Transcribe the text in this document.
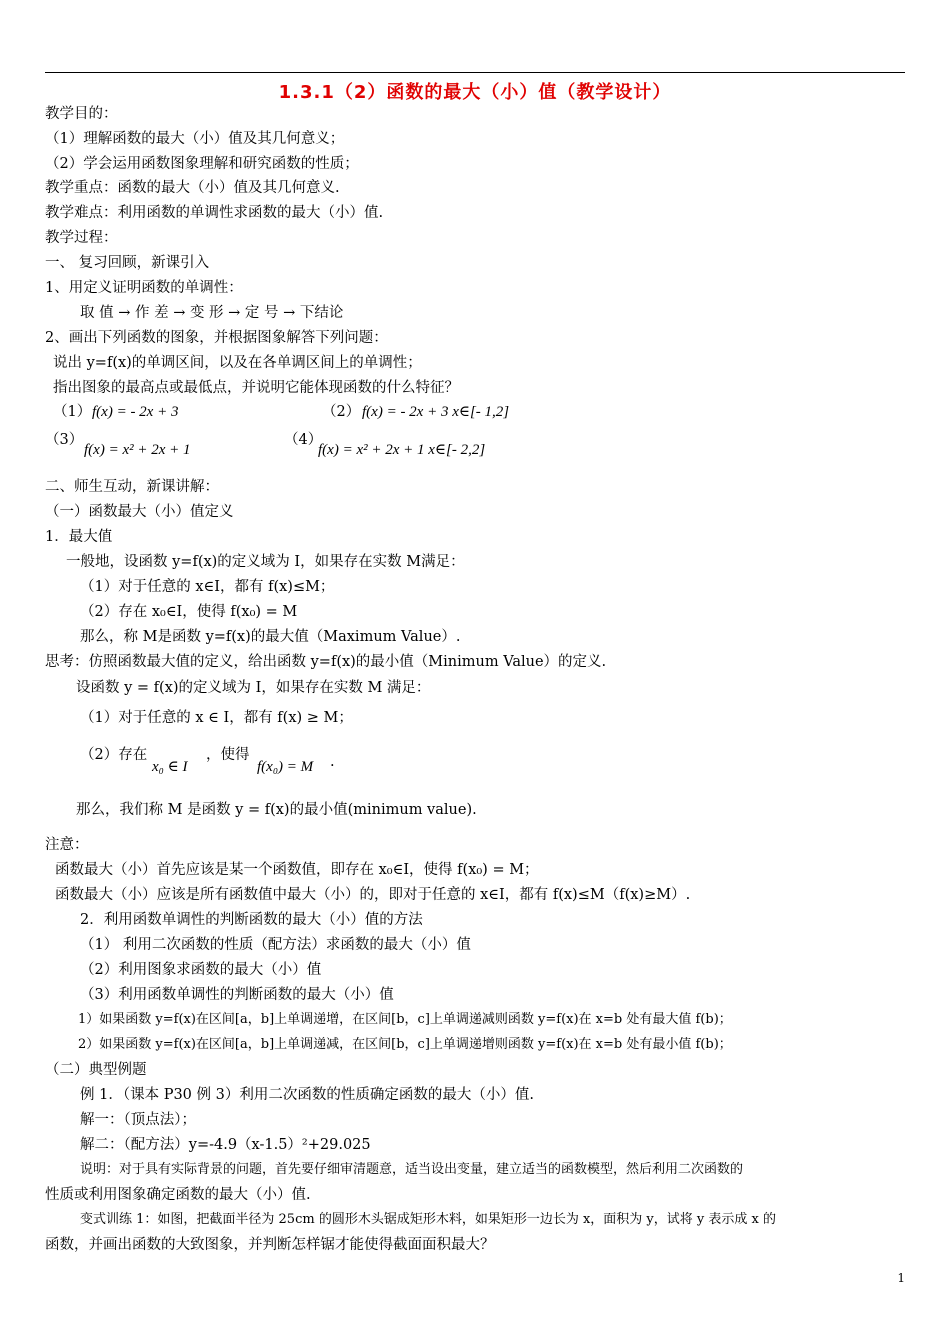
1.3.1（2）函数的最大（小）值（教学设计）
教学目的：
（1）理解函数的最大（小）值及其几何意义；
（2）学会运用函数图象理解和研究函数的性质；
教学重点：函数的最大（小）值及其几何意义.
教学难点：利用函数的单调性求函数的最大（小）值.
教学过程：
一、 复习回顾，新课引入
1、用定义证明函数的单调性：
取 值 → 作 差 → 变 形 → 定 号 → 下结论
2、画出下列函数的图象，并根据图象解答下列问题：
说出 y=f(x)的单调区间，以及在各单调区间上的单调性；
指出图象的最高点或最低点，并说明它能体现函数的什么特征？
（1） f(x) = - 2x + 3	（2） f(x) = - 2x + 3 x∈[- 1,2]
（3）
f(x) = x² + 2x + 1
（4）
f(x) = x² + 2x + 1 x∈[- 2,2]
二、师生互动，新课讲解：
（一）函数最大（小）值定义
1．最大值
一般地，设函数 y=f(x)的定义域为 I，如果存在实数 M满足：
（1）对于任意的 x∈I，都有 f(x)≤M；
（2）存在 x₀∈I，使得 f(x₀) = M
那么，称 M是函数 y=f(x)的最大值（Maximum Value）.
思考：仿照函数最大值的定义，给出函数 y=f(x)的最小值（Minimum Value）的定义.
设函数 y = f(x)的定义域为 I，如果存在实数 M 满足：
（1）对于任意的 x ∈ I，都有 f(x) ≥ M；
（2）存在
x₀ ∈ I
，使得
f(x₀) = M .
那么，我们称 M 是函数 y = f(x)的最小值(minimum value).
注意：
函数最大（小）首先应该是某一个函数值，即存在 x₀∈I，使得 f(x₀) = M；
函数最大（小）应该是所有函数值中最大（小）的，即对于任意的 x∈I，都有 f(x)≤M（f(x)≥M）.
2．利用函数单调性的判断函数的最大（小）值的方法
（1） 利用二次函数的性质（配方法）求函数的最大（小）值
（2）利用图象求函数的最大（小）值
（3）利用函数单调性的判断函数的最大（小）值
1）如果函数 y=f(x)在区间[a，b]上单调递增，在区间[b，c]上单调递减则函数 y=f(x)在 x=b 处有最大值 f(b)；
2）如果函数 y=f(x)在区间[a，b]上单调递减，在区间[b，c]上单调递增则函数 y=f(x)在 x=b 处有最小值 f(b)；
（二）典型例题
例 1．（课本 P30 例 3）利用二次函数的性质确定函数的最大（小）值.
解一：（顶点法）；
解二：（配方法）y=-4.9（x-1.5）²+29.025
说明：对于具有实际背景的问题，首先要仔细审清题意，适当设出变量，建立适当的函数模型，然后利用二次函数的
性质或利用图象确定函数的最大（小）值.
变式训练 1：如图，把截面半径为 25cm 的圆形木头锯成矩形木料，如果矩形一边长为 x，面积为 y，试将 y 表示成 x 的
函数，并画出函数的大致图象，并判断怎样锯才能使得截面面积最大？
1
